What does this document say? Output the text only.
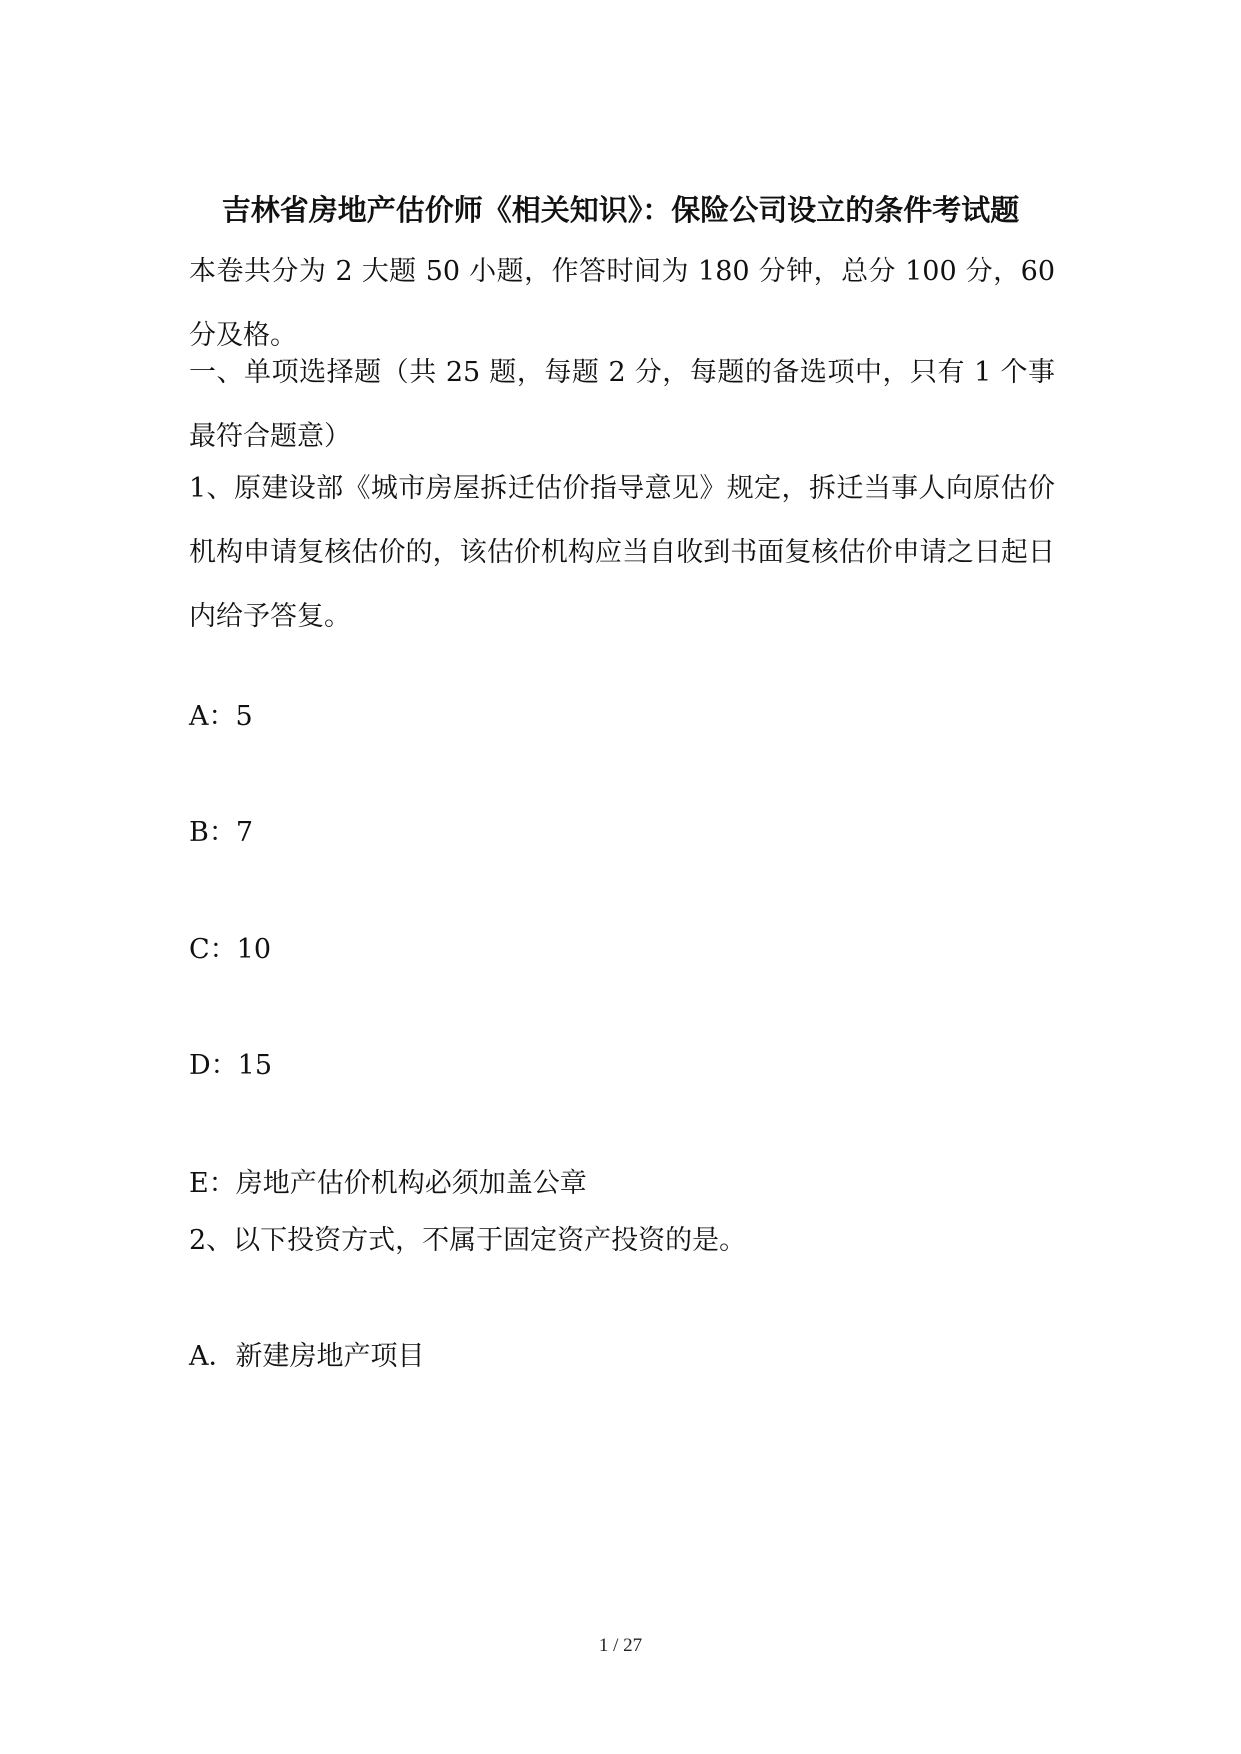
吉林省房地产估价师《相关知识》：保险公司设立的条件考试题
本卷共分为 2 大题 50 小题，作答时间为 180 分钟，总分 100 分，60 分及格。
一、单项选择题（共 25 题，每题 2 分，每题的备选项中，只有 1 个事最符合题意）
1、原建设部《城市房屋拆迁估价指导意见》规定，拆迁当事人向原估价机构申请复核估价的，该估价机构应当自收到书面复核估价申请之日起日内给予答复。
A：5
B：7
C：10
D：15
E：房地产估价机构必须加盖公章
2、以下投资方式，不属于固定资产投资的是。
A．新建房地产项目
1 / 27
